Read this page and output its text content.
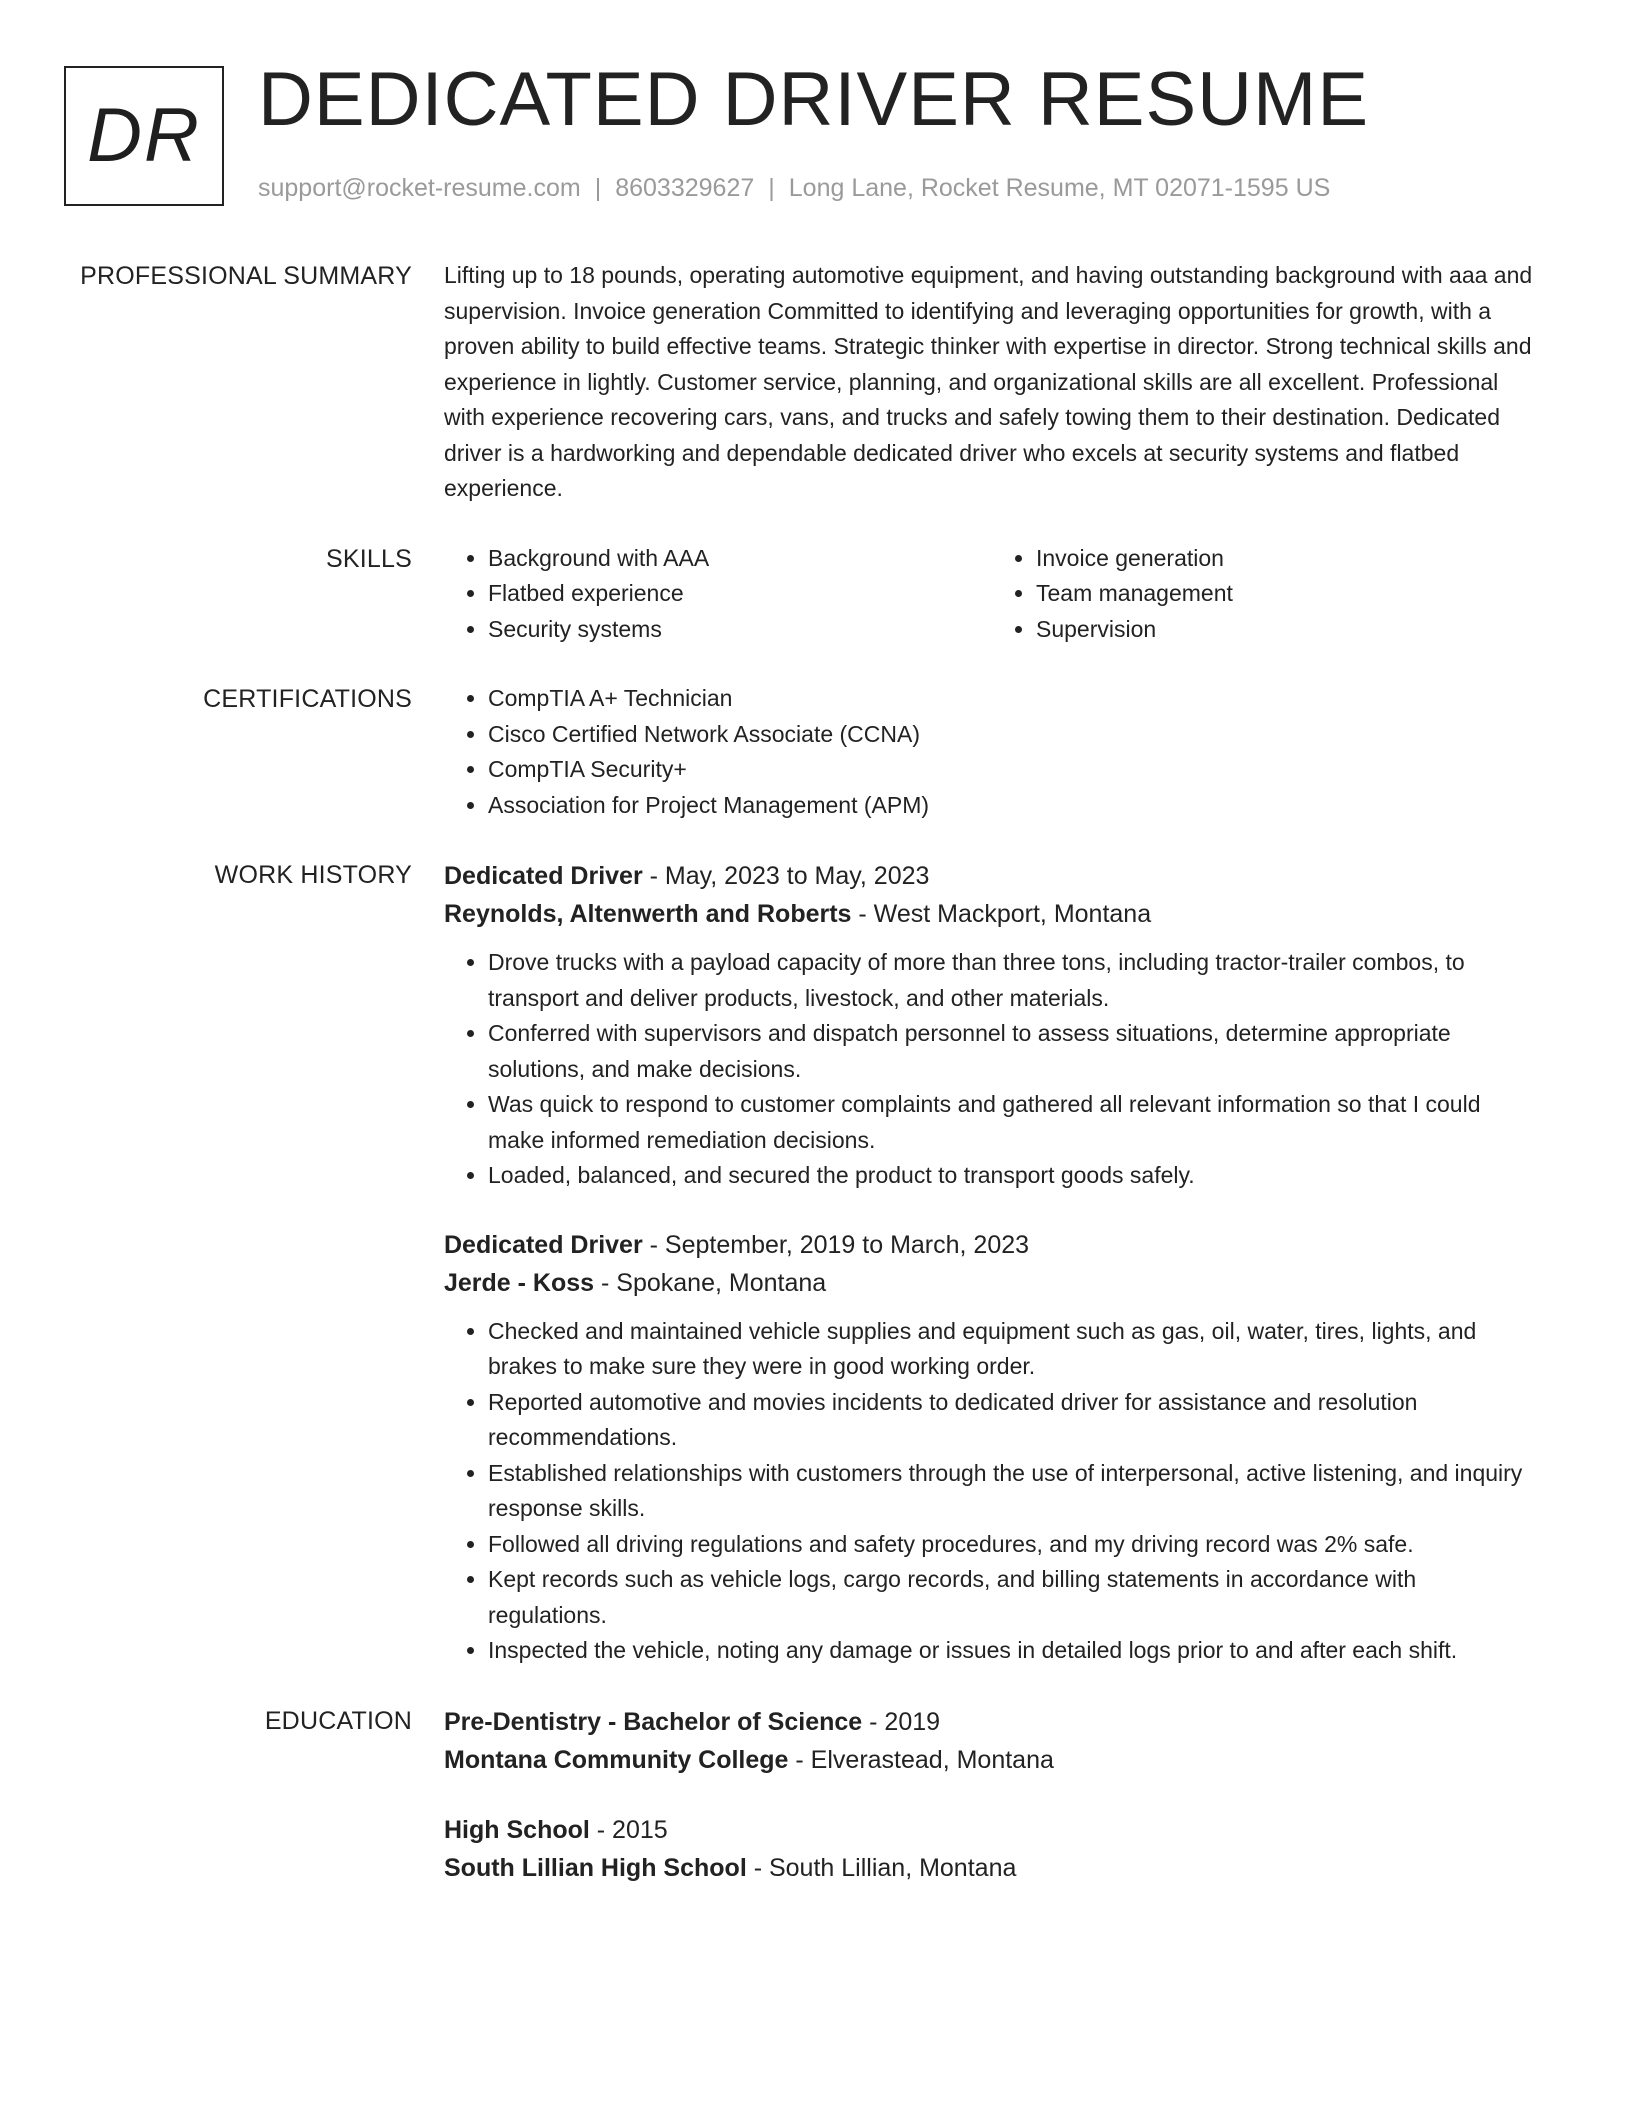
DR DEDICATED DRIVER RESUME
support@rocket-resume.com | 8603329627 | Long Lane, Rocket Resume, MT 02071-1595 US
PROFESSIONAL SUMMARY Lifting up to 18 pounds, operating automotive equipment, and having outstanding background with aaa and supervision. Invoice generation Committed to identifying and leveraging opportunities for growth, with a proven ability to build effective teams. Strategic thinker with expertise in director. Strong technical skills and experience in lightly. Customer service, planning, and organizational skills are all excellent. Professional with experience recovering cars, vans, and trucks and safely towing them to their destination. Dedicated driver is a hardworking and dependable dedicated driver who excels at security systems and flatbed experience.

SKILLS	• Background with AAA
• Flatbed experience
• Security systems
• Invoice generation
• Team management
• Supervision
CERTIFICATIONS	• CompTIA A+ Technician
• Cisco Certified Network Associate (CCNA)
• CompTIA Security+
• Association for Project Management (APM)
WORK HISTORY Dedicated Driver - May, 2023 to May, 2023
Reynolds, Altenwerth and Roberts - West Mackport, Montana
• Drove trucks with a payload capacity of more than three tons, including tractor-trailer combos, to transport and deliver products, livestock, and other materials.
• Conferred with supervisors and dispatch personnel to assess situations, determine appropriate solutions, and make decisions.
• Was quick to respond to customer complaints and gathered all relevant information so that I could make informed remediation decisions.
• Loaded, balanced, and secured the product to transport goods safely.
Dedicated Driver - September, 2019 to March, 2023
Jerde - Koss - Spokane, Montana
• Checked and maintained vehicle supplies and equipment such as gas, oil, water, tires, lights, and brakes to make sure they were in good working order.
• Reported automotive and movies incidents to dedicated driver for assistance and resolution recommendations.
• Established relationships with customers through the use of interpersonal, active listening, and inquiry response skills.
• Followed all driving regulations and safety procedures, and my driving record was 2% safe.
• Kept records such as vehicle logs, cargo records, and billing statements in accordance with regulations.
• Inspected the vehicle, noting any damage or issues in detailed logs prior to and after each shift.
EDUCATION Pre-Dentistry - Bachelor of Science - 2019
Montana Community College - Elverastead, Montana
High School - 2015
South Lillian High School - South Lillian, Montana
